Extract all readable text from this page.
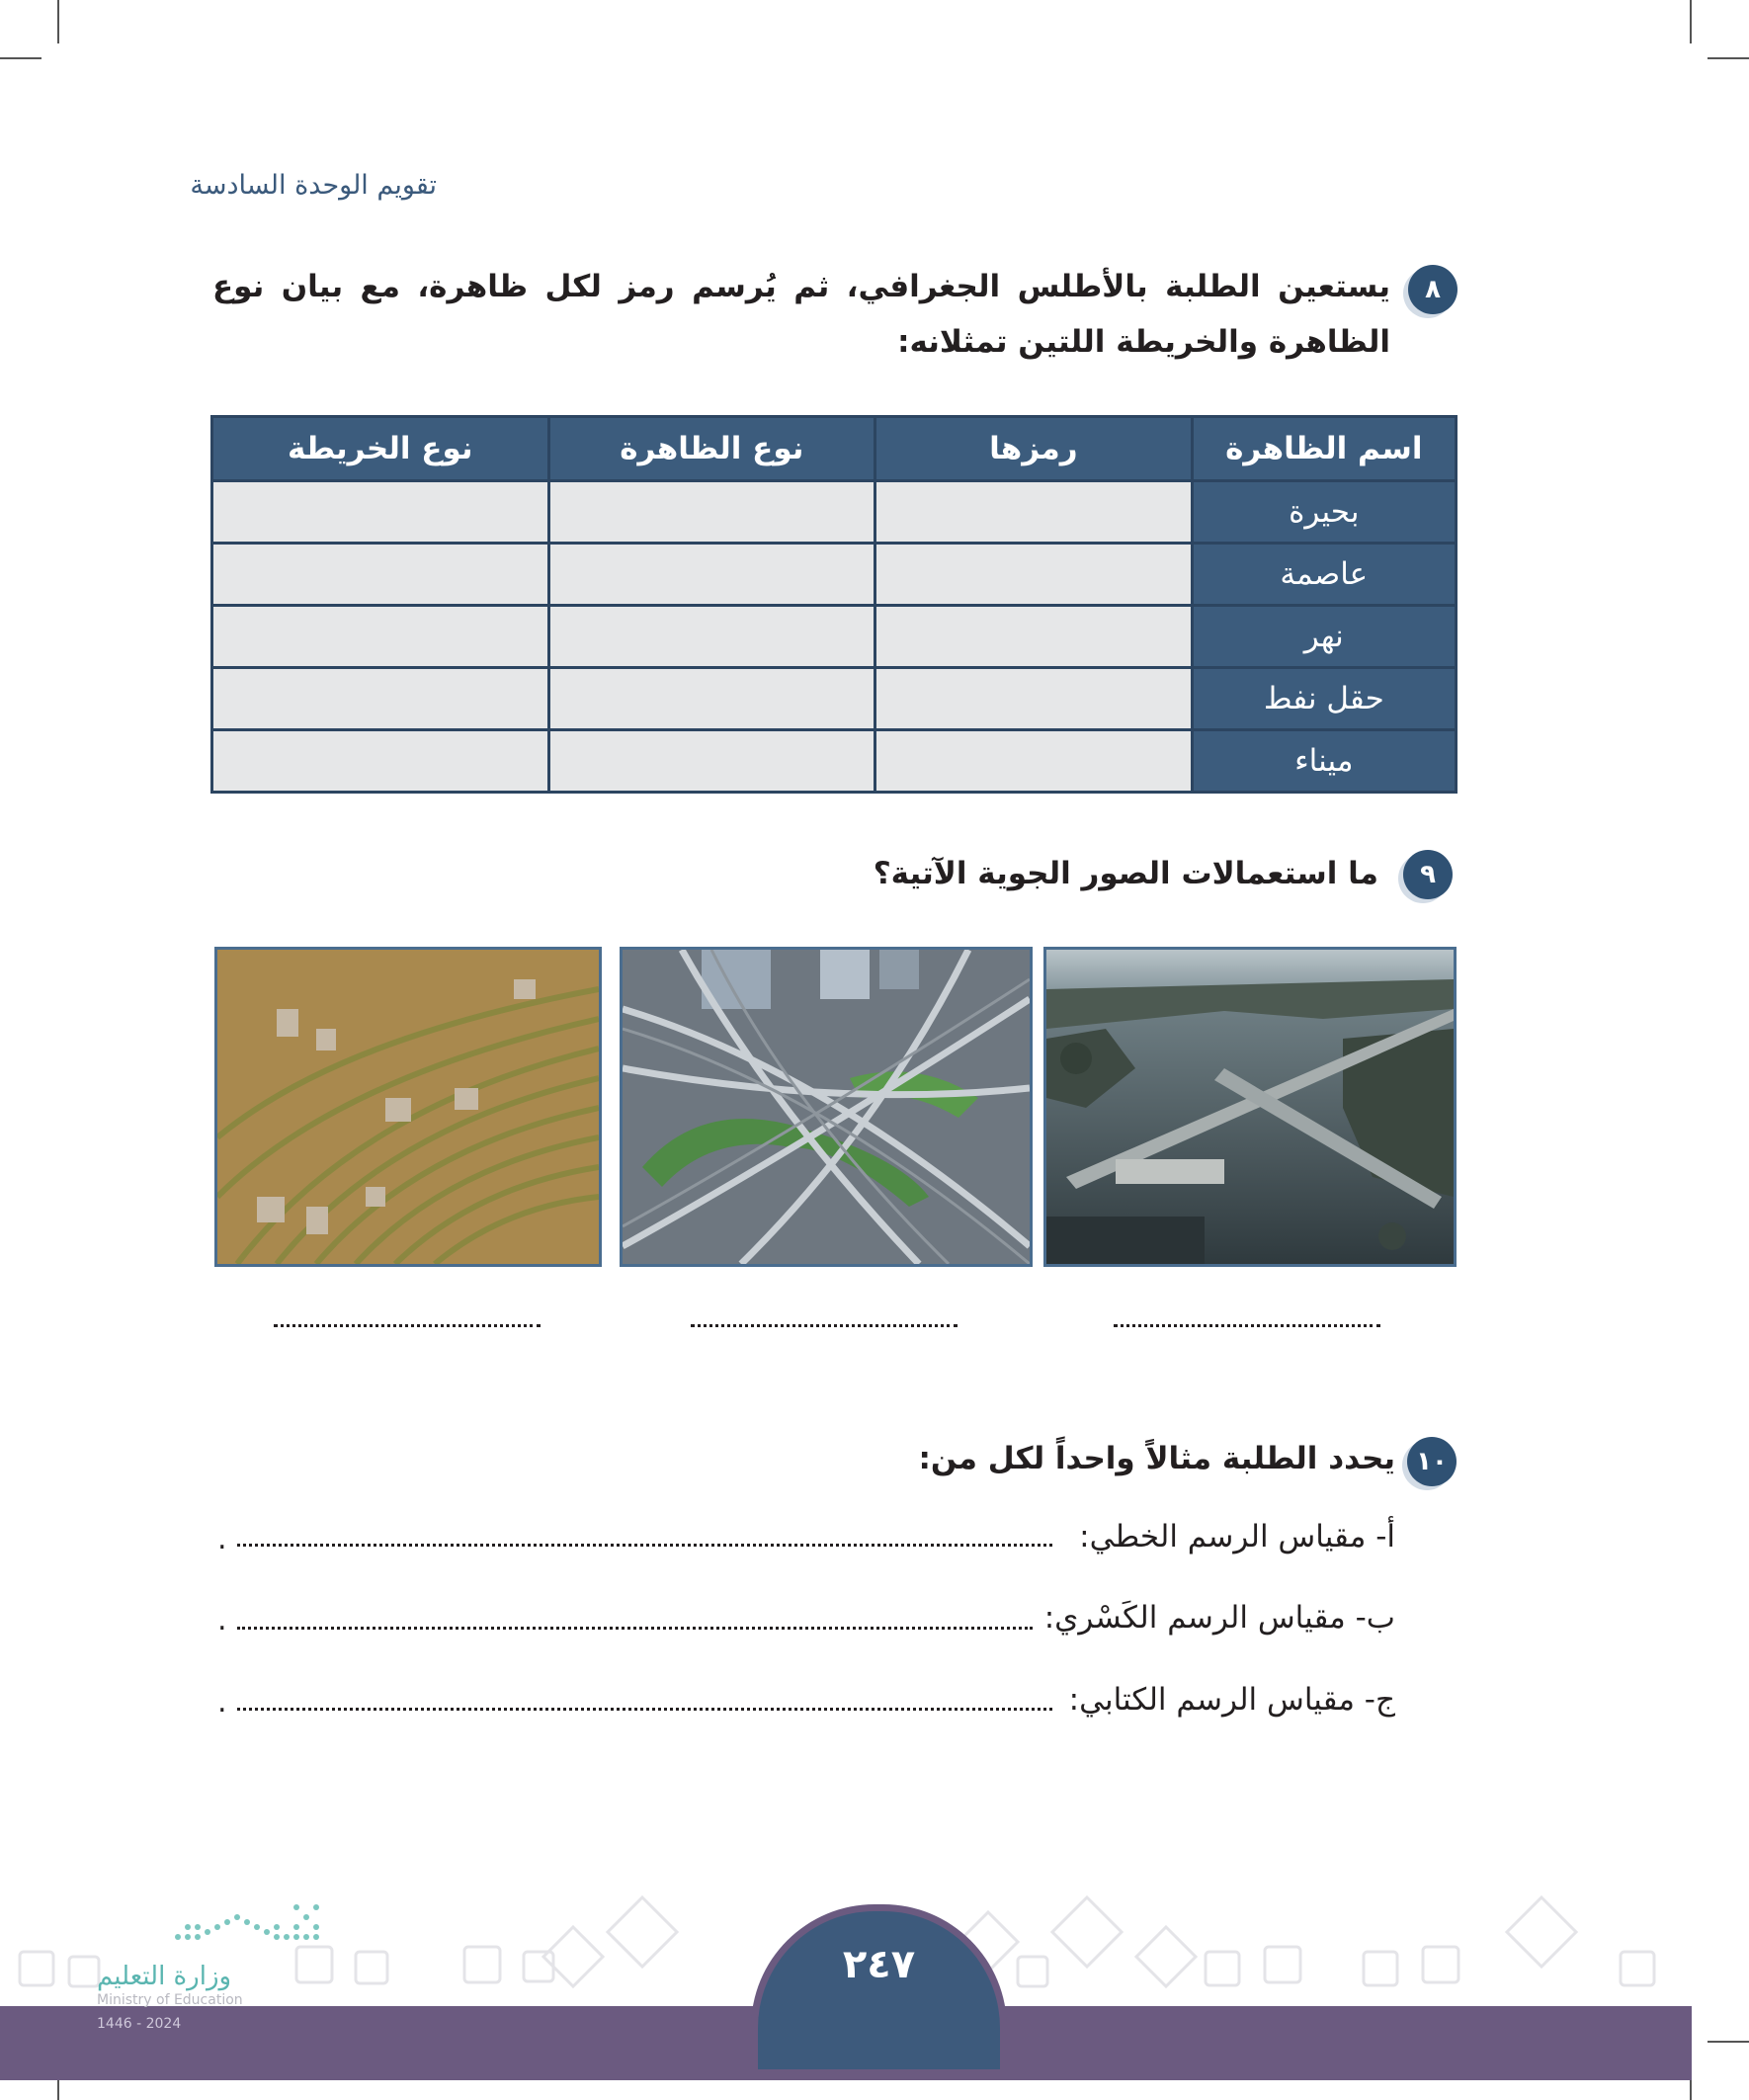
تقويم الوحدة السادسة
٨
يستعين الطلبة بالأطلس الجغرافي، ثم يُرسم رمز لكل ظاهرة، مع بيان نوع الظاهرة والخريطة اللتين تمثلانه:
اسم الظاهرة	رمزها	نوع الظاهرة	نوع الخريطة
بحيرة			
عاصمة			
نهر			
حقل نفط			
ميناء			
٩
ما استعمالات الصور الجوية الآتية؟
١٠
يحدد الطلبة مثالاً واحداً لكل من:
أ- مقياس الرسم الخطي:
.
ب- مقياس الرسم الكَسْري:
.
ج- مقياس الرسم الكتابي:
.
٢٤٧
وزارة التعليم
Ministry of Education
2024 - 1446
